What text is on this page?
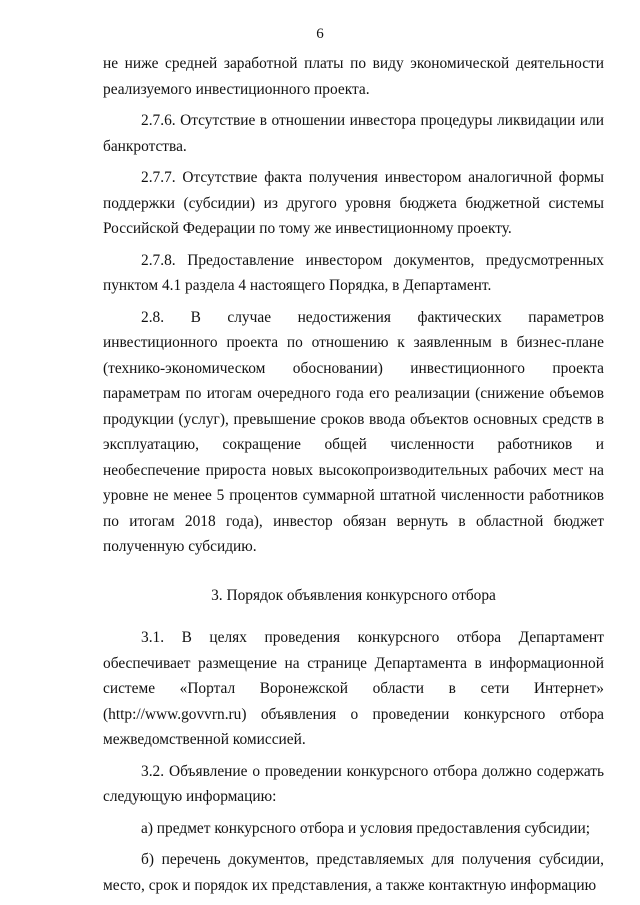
6

не ниже средней заработной платы по виду экономической деятельности реализуемого инвестиционного проекта.

2.7.6. Отсутствие в отношении инвестора процедуры ликвидации или банкротства.

2.7.7. Отсутствие факта получения инвестором аналогичной формы поддержки (субсидии) из другого уровня бюджета бюджетной системы Российской Федерации по тому же инвестиционному проекту.

2.7.8. Предоставление инвестором документов, предусмотренных пунктом 4.1 раздела 4 настоящего Порядка, в Департамент.

2.8. В случае недостижения фактических параметров инвестиционного проекта по отношению к заявленным в бизнес-плане (технико-экономическом обосновании) инвестиционного проекта параметрам по итогам очередного года его реализации (снижение объемов продукции (услуг), превышение сроков ввода объектов основных средств в эксплуатацию, сокращение общей численности работников и необеспечение прироста новых высокопроизводительных рабочих мест на уровне не менее 5 процентов суммарной штатной численности работников по итогам 2018 года), инвестор обязан вернуть в областной бюджет полученную субсидию.

3. Порядок объявления конкурсного отбора

3.1. В целях проведения конкурсного отбора Департамент обеспечивает размещение на странице Департамента в информационной системе «Портал Воронежской области в сети Интернет» (http://www.govvrn.ru) объявления о проведении конкурсного отбора межведомственной комиссией.

3.2. Объявление о проведении конкурсного отбора должно содержать следующую информацию:

а) предмет конкурсного отбора и условия предоставления субсидии;

б) перечень документов, представляемых для получения субсидии, место, срок и порядок их представления, а также контактную информацию
